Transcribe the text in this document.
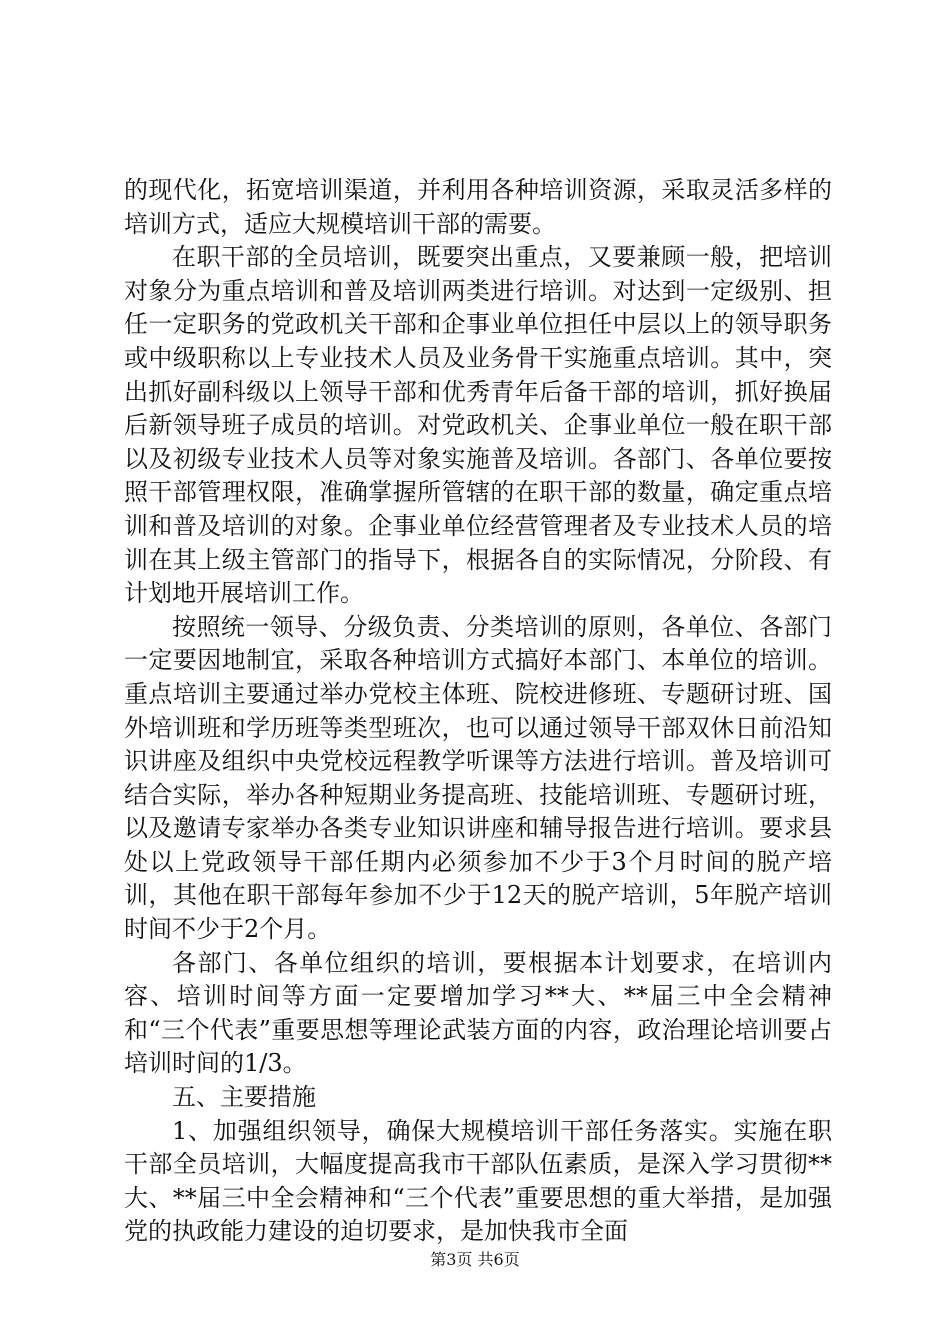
的现代化，拓宽培训渠道，并利用各种培训资源，采取灵活多样的培训方式，适应大规模培训干部的需要。

在职干部的全员培训，既要突出重点，又要兼顾一般，把培训对象分为重点培训和普及培训两类进行培训。对达到一定级别、担任一定职务的党政机关干部和企事业单位担任中层以上的领导职务或中级职称以上专业技术人员及业务骨干实施重点培训。其中，突出抓好副科级以上领导干部和优秀青年后备干部的培训，抓好换届后新领导班子成员的培训。对党政机关、企事业单位一般在职干部以及初级专业技术人员等对象实施普及培训。各部门、各单位要按照干部管理权限，准确掌握所管辖的在职干部的数量，确定重点培训和普及培训的对象。企事业单位经营管理者及专业技术人员的培训在其上级主管部门的指导下，根据各自的实际情况，分阶段、有计划地开展培训工作。

按照统一领导、分级负责、分类培训的原则，各单位、各部门一定要因地制宜，采取各种培训方式搞好本部门、本单位的培训。重点培训主要通过举办党校主体班、院校进修班、专题研讨班、国外培训班和学历班等类型班次，也可以通过领导干部双休日前沿知识讲座及组织中央党校远程教学听课等方法进行培训。普及培训可结合实际，举办各种短期业务提高班、技能培训班、专题研讨班，以及邀请专家举办各类专业知识讲座和辅导报告进行培训。要求县处以上党政领导干部任期内必须参加不少于3个月时间的脱产培训，其他在职干部每年参加不少于12天的脱产培训，5年脱产培训时间不少于2个月。

各部门、各单位组织的培训，要根据本计划要求，在培训内容、培训时间等方面一定要增加学习**大、**届三中全会精神和“三个代表”重要思想等理论武装方面的内容，政治理论培训要占培训时间的1/3。

五、主要措施

1、加强组织领导，确保大规模培训干部任务落实。实施在职干部全员培训，大幅度提高我市干部队伍素质，是深入学习贯彻**大、**届三中全会精神和“三个代表”重要思想的重大举措，是加强党的执政能力建设的迫切要求，是加快我市全面

第3页 共6页
